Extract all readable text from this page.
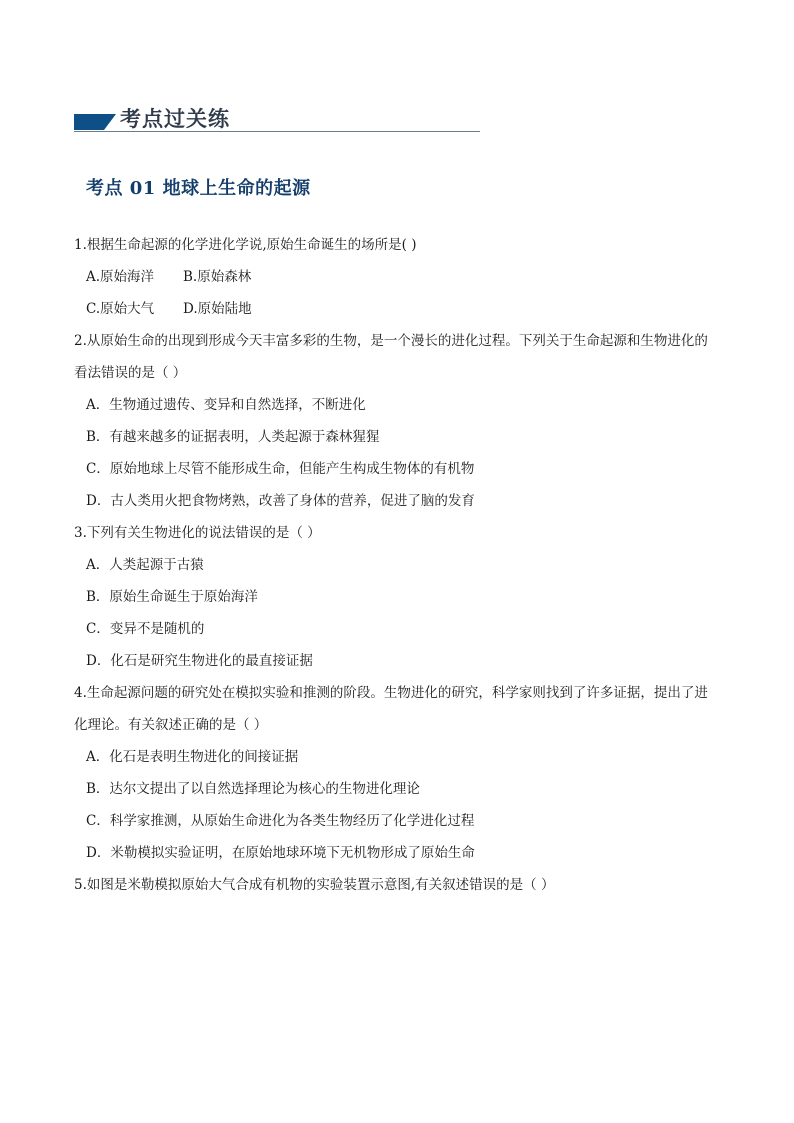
考点过关练
考点 01 地球上生命的起源
1.根据生命起源的化学进化学说,原始生命诞生的场所是( )
A.原始海洋	B.原始森林
C.原始大气	D.原始陆地
2.从原始生命的出现到形成今天丰富多彩的生物，是一个漫长的进化过程。下列关于生命起源和生物进化的
看法错误的是（ ）
A．生物通过遗传、变异和自然选择，不断进化
B．有越来越多的证据表明，人类起源于森林猩猩
C．原始地球上尽管不能形成生命，但能产生构成生物体的有机物
D．古人类用火把食物烤熟，改善了身体的营养，促进了脑的发育
3.下列有关生物进化的说法错误的是（ ）
A．人类起源于古猿
B．原始生命诞生于原始海洋
C．变异不是随机的
D．化石是研究生物进化的最直接证据
4.生命起源问题的研究处在模拟实验和推测的阶段。生物进化的研究，科学家则找到了许多证据，提出了进
化理论。有关叙述正确的是（ ）
A．化石是表明生物进化的间接证据
B．达尔文提出了以自然选择理论为核心的生物进化理论
C．科学家推测，从原始生命进化为各类生物经历了化学进化过程
D．米勒模拟实验证明，在原始地球环境下无机物形成了原始生命
5.如图是米勒模拟原始大气合成有机物的实验装置示意图,有关叙述错误的是（ ）
